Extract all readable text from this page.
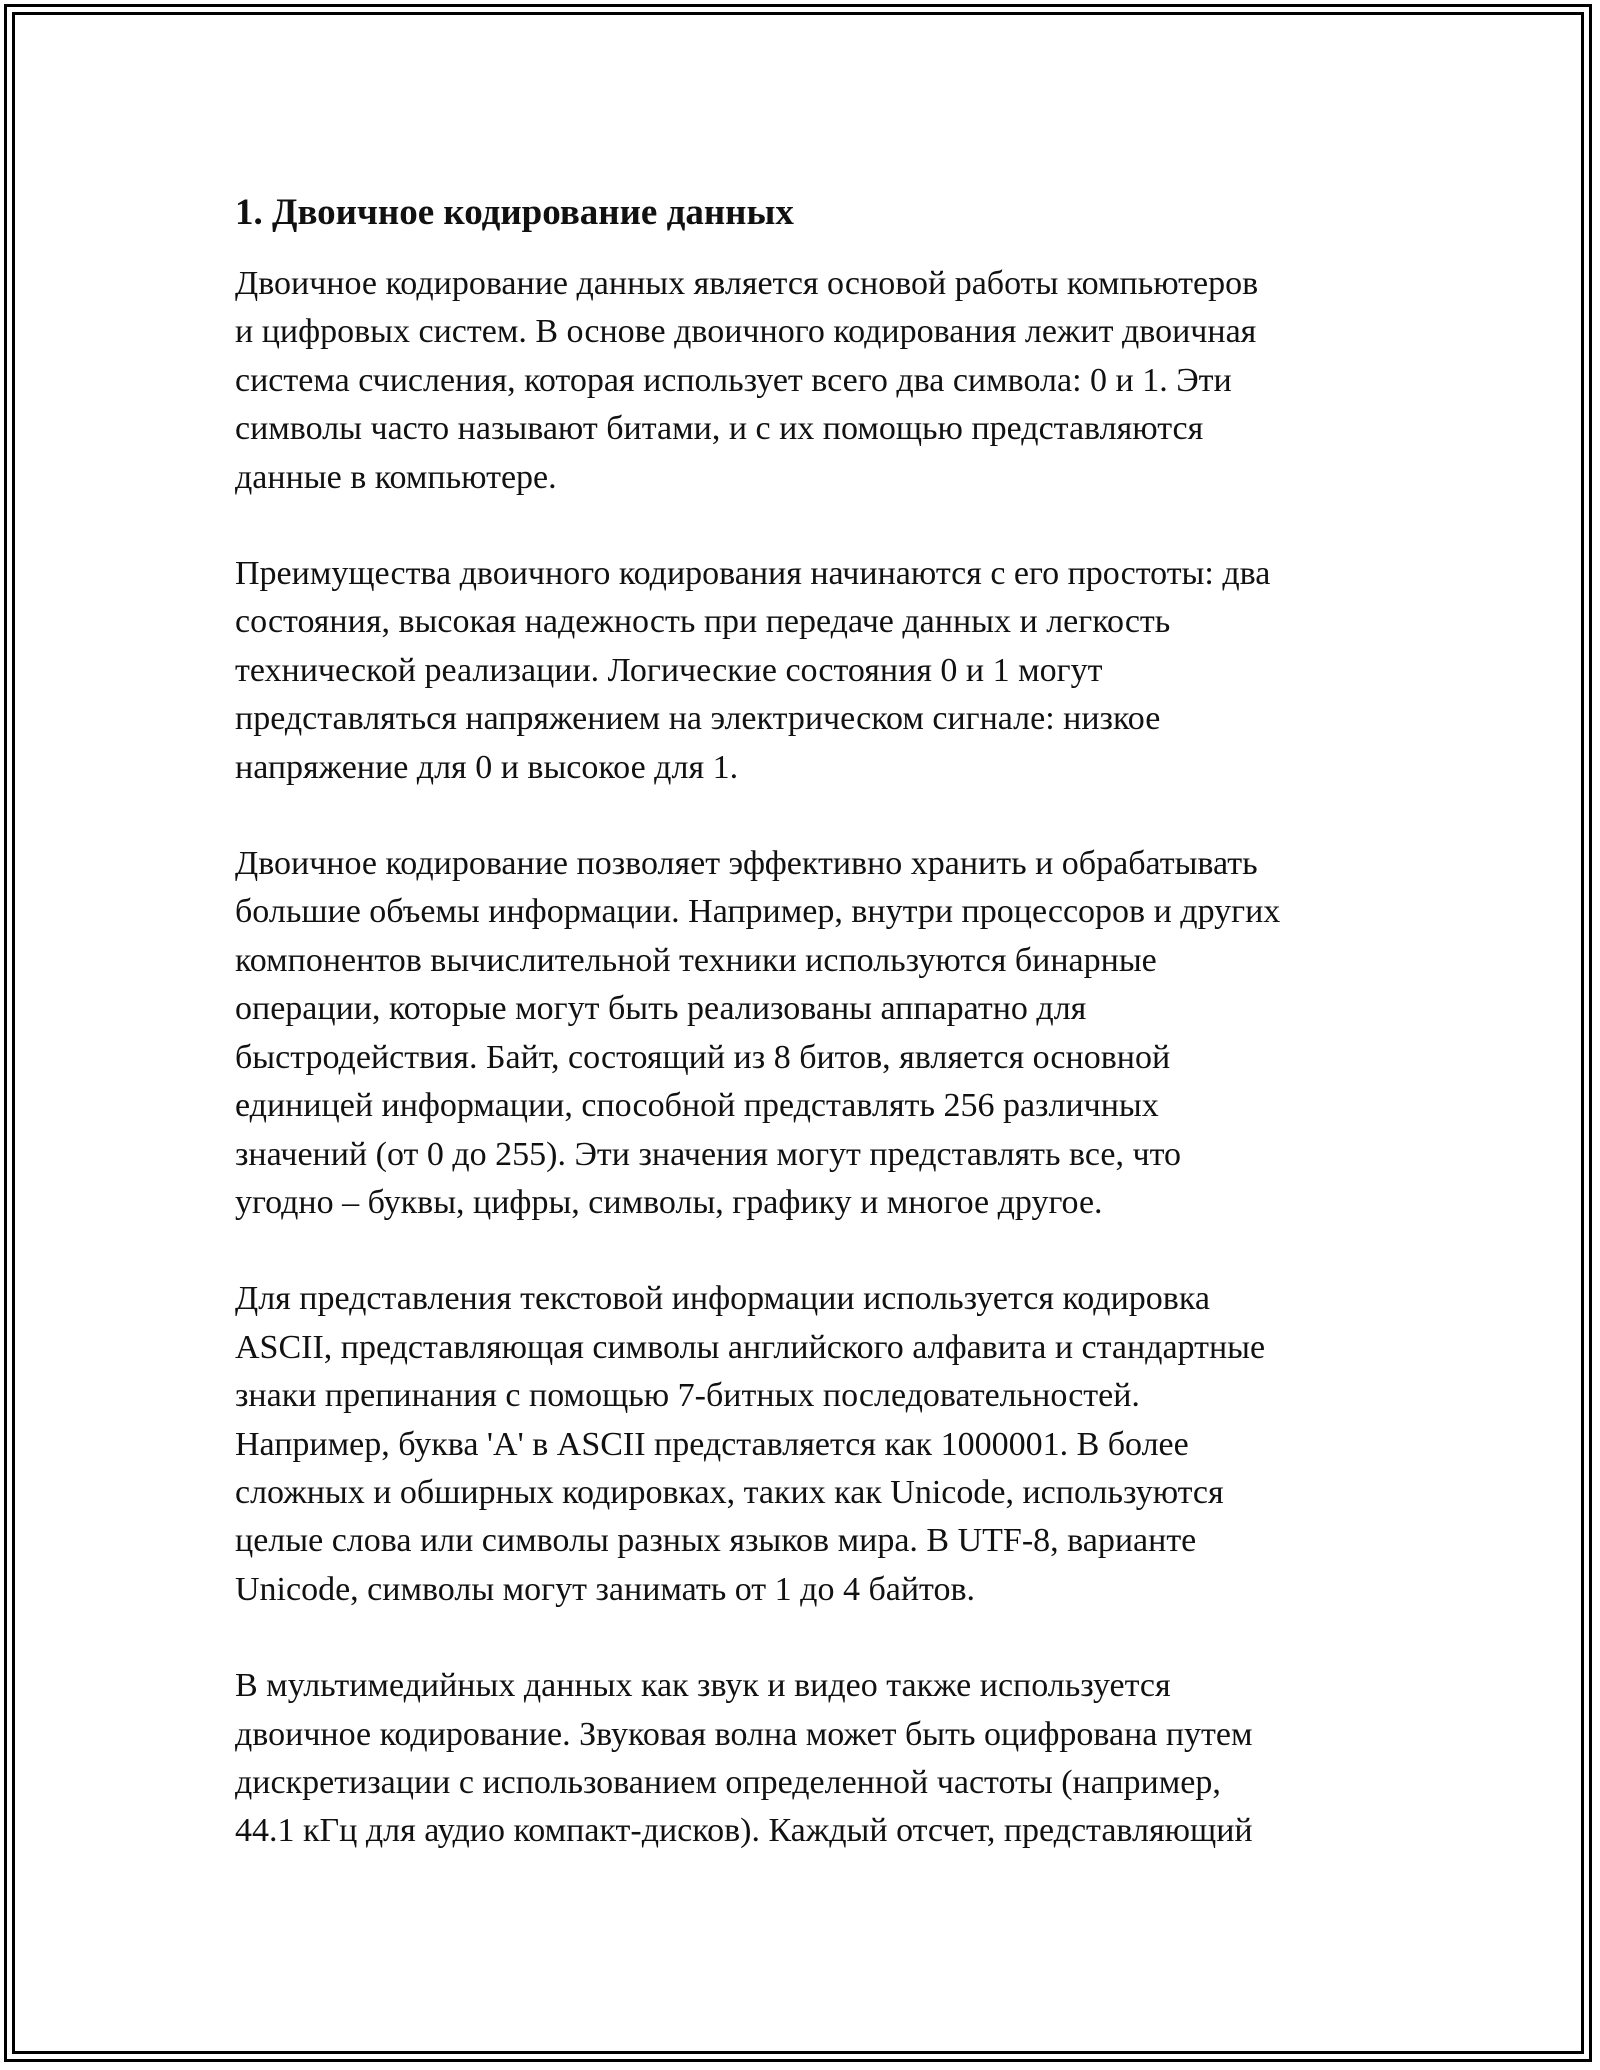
1. Двоичное кодирование данных

Двоичное кодирование данных является основой работы компьютеров
и цифровых систем. В основе двоичного кодирования лежит двоичная
система счисления, которая использует всего два символа: 0 и 1. Эти
символы часто называют битами, и с их помощью представляются
данные в компьютере.

Преимущества двоичного кодирования начинаются с его простоты: два
состояния, высокая надежность при передаче данных и легкость
технической реализации. Логические состояния 0 и 1 могут
представляться напряжением на электрическом сигнале: низкое
напряжение для 0 и высокое для 1.

Двоичное кодирование позволяет эффективно хранить и обрабатывать
большие объемы информации. Например, внутри процессоров и других
компонентов вычислительной техники используются бинарные
операции, которые могут быть реализованы аппаратно для
быстродействия. Байт, состоящий из 8 битов, является основной
единицей информации, способной представлять 256 различных
значений (от 0 до 255). Эти значения могут представлять все, что
угодно – буквы, цифры, символы, графику и многое другое.

Для представления текстовой информации используется кодировка
ASCII, представляющая символы английского алфавита и стандартные
знаки препинания с помощью 7-битных последовательностей.
Например, буква 'A' в ASCII представляется как 1000001. В более
сложных и обширных кодировках, таких как Unicode, используются
целые слова или символы разных языков мира. В UTF-8, варианте
Unicode, символы могут занимать от 1 до 4 байтов.

В мультимедийных данных как звук и видео также используется
двоичное кодирование. Звуковая волна может быть оцифрована путем
дискретизации с использованием определенной частоты (например,
44.1 кГц для аудио компакт-дисков). Каждый отсчет, представляющий
